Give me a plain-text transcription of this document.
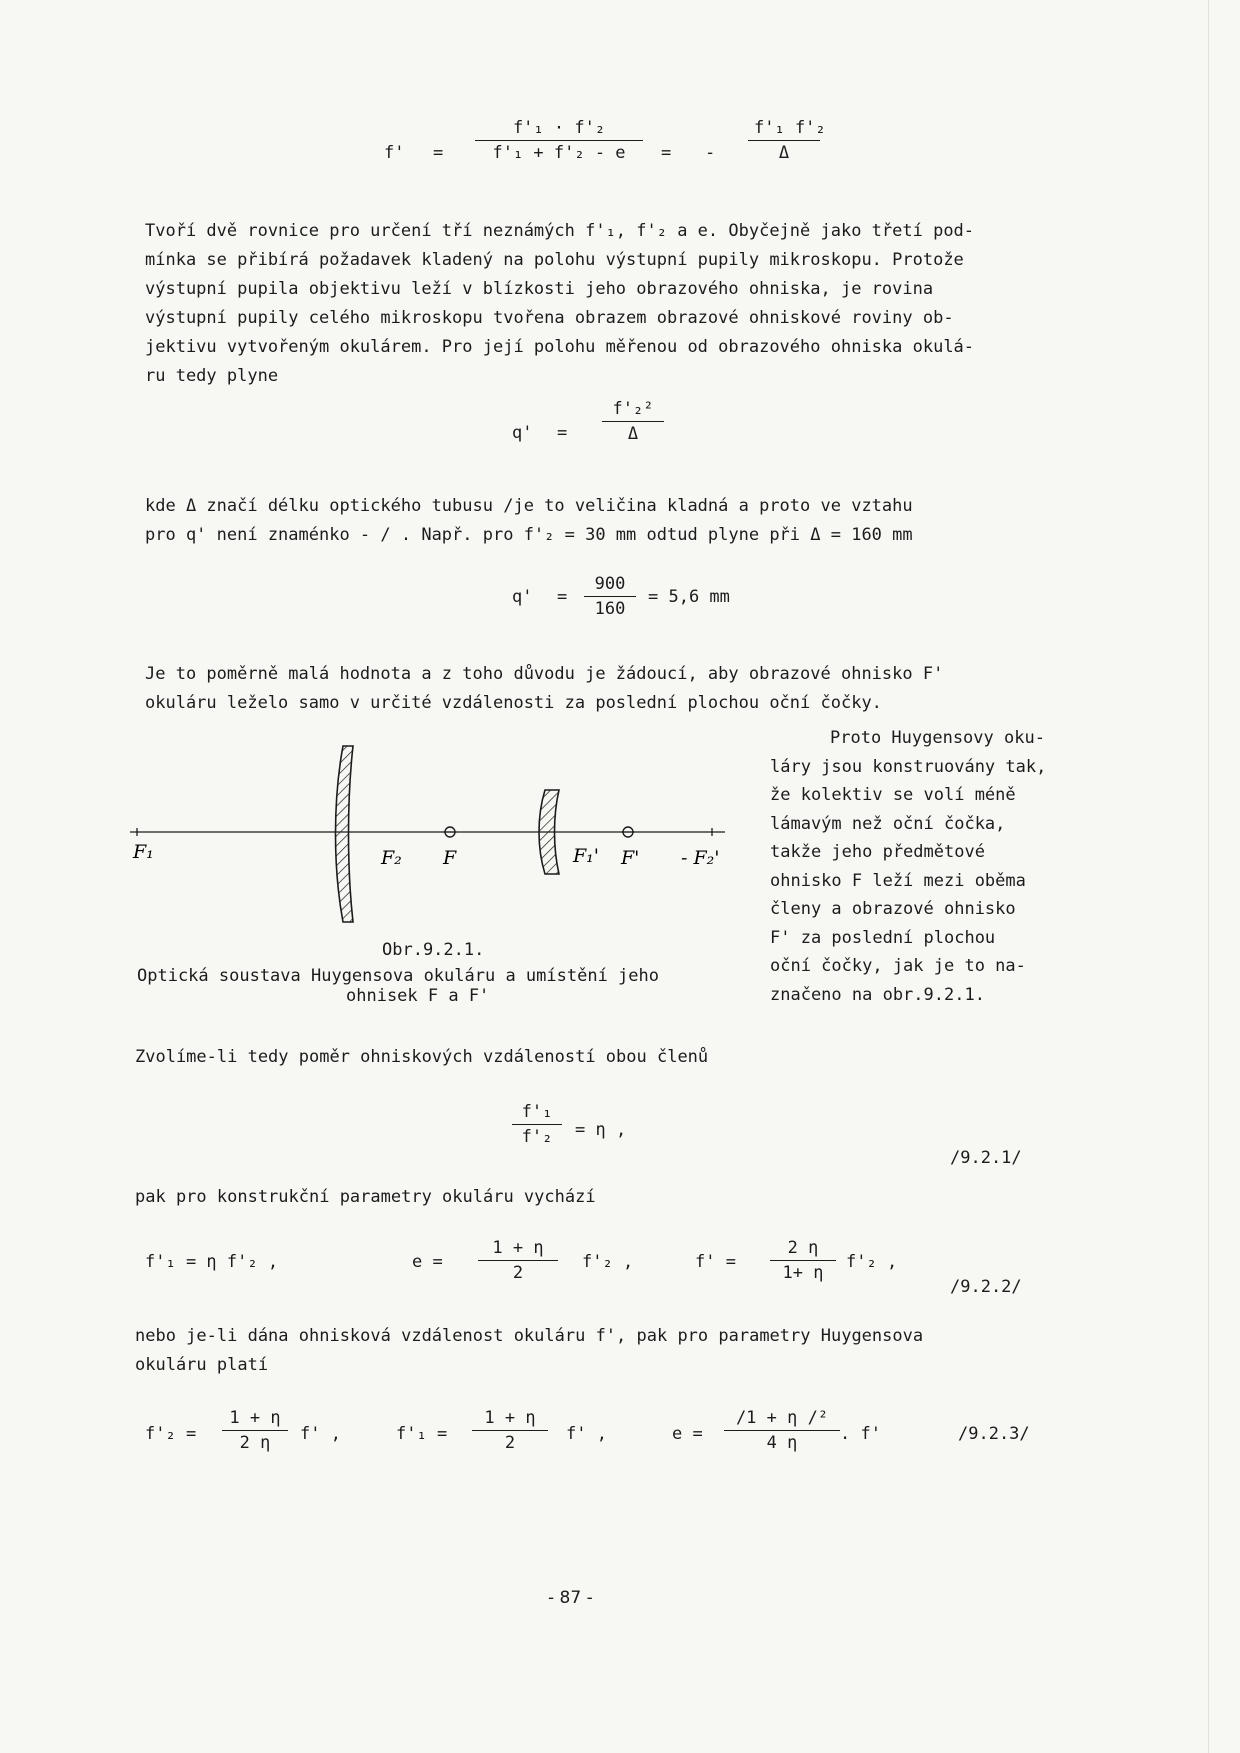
$f' = \frac{\text{f'₁ · f'₂}}{\text{f'₁ + f'₂ - e}}$ = - $\frac{\text{f'₁ f'₂}}{\Delta}$
Tvoří dvě rovnice pro určení tří neznámých f'₁, f'₂ a e. Obyčejně jako třetí pod-
mínka se přibírá požadavek kladený na polohu výstupní pupily mikroskopu. Protože
výstupní pupila objektivu leží v blízkosti jeho obrazového ohniska, je rovina
výstupní pupily celého mikroskopu tvořena obrazem obrazové ohniskové roviny ob-
jektivu vytvořeným okulárem. Pro její polohu měřenou od obrazového ohniska okulá-
ru tedy plyne
$q' = \frac{\text{f'₂²}}{\Delta}$
kde Δ značí délku optického tubusu /je to veličina kladná a proto ve vztahu
pro q' není znaménko - / . Např. pro f'₂ = 30 mm odtud plyne při Δ = 160 mm
$q' = \frac{900}{160} = 5,6$ mm
Je to poměrně malá hodnota a z toho důvodu je žádoucí, aby obrazové ohnisko F'
okuláru leželo samo v určité vzdálenosti za poslední plochou oční čočky.
F₁	F₂ F	F₁' F' - F₂'
Obr.9.2.1.
Optická soustava Huygensova okuláru a umístění jeho
ohnisek F a F'
Proto Huygensovy oku-
láry jsou konstruovány tak,
že kolektiv se volí méně
lámavým než oční čočka,
takže jeho předmětové
ohnisko F leží mezi oběma
členy a obrazové ohnisko
F' za poslední plochou
oční čočky, jak je to na-
značeno na obr.9.2.1.
Zvolíme-li tedy poměr ohniskových vzdáleností obou členů
$\frac{\text{f'₁}}{\text{f'₂}} = \eta$ ,
/9.2.1/
pak pro konstrukční parametry okuláru vychází
f'₁ = η f'₂ ,	$e = \frac{1 + \eta}{2} f'_2$ ,	$f' = \frac{2 \eta}{1+ \eta} f'_2$ ,
/9.2.2/
nebo je-li dána ohnisková vzdálenost okuláru f', pak pro parametry Huygensova
okuláru platí
$f'_2 = \frac{1 + \eta}{2 \eta} f'$ ,	$f'_1 = \frac{1 + \eta}{2} f'$ ,	$e = \frac{\text{/1 + η /²}}{4 \eta}$ . f'	/9.2.3/
- 87 -
